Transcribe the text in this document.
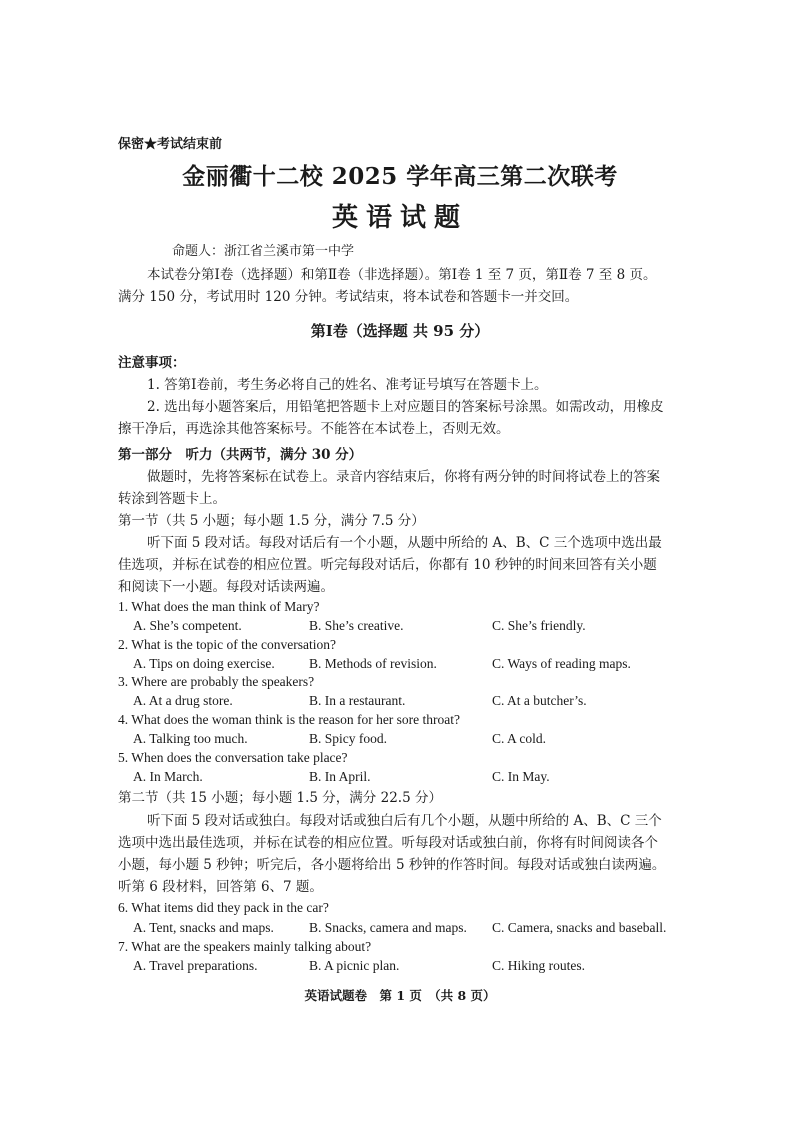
保密★考试结束前
金丽衢十二校 2025 学年高三第二次联考
英语试题
命题人：浙江省兰溪市第一中学
本试卷分第Ⅰ卷（选择题）和第Ⅱ卷（非选择题）。第Ⅰ卷 1 至 7 页，第Ⅱ卷 7 至 8 页。
满分 150 分，考试用时 120 分钟。考试结束，将本试卷和答题卡一并交回。
第Ⅰ卷（选择题 共 95 分）
注意事项：
1. 答第Ⅰ卷前，考生务必将自己的姓名、准考证号填写在答题卡上。
2. 选出每小题答案后，用铅笔把答题卡上对应题目的答案标号涂黑。如需改动，用橡皮
擦干净后，再选涂其他答案标号。不能答在本试卷上，否则无效。
第一部分　听力（共两节，满分 30 分）
做题时，先将答案标在试卷上。录音内容结束后，你将有两分钟的时间将试卷上的答案
转涂到答题卡上。
第一节（共 5 小题；每小题 1.5 分，满分 7.5 分）
听下面 5 段对话。每段对话后有一个小题，从题中所给的 A、B、C 三个选项中选出最
佳选项，并标在试卷的相应位置。听完每段对话后，你都有 10 秒钟的时间来回答有关小题
和阅读下一小题。每段对话读两遍。
1. What does the man think of Mary?
A. She’s competent.	B. She’s creative.	C. She’s friendly.
2. What is the topic of the conversation?
A. Tips on doing exercise.	B. Methods of revision.	C. Ways of reading maps.
3. Where are probably the speakers?
A. At a drug store.	B. In a restaurant.	C. At a butcher’s.
4. What does the woman think is the reason for her sore throat?
A. Talking too much.	B. Spicy food.	C. A cold.
5. When does the conversation take place?
A. In March.	B. In April.	C. In May.
第二节（共 15 小题；每小题 1.5 分，满分 22.5 分）
听下面 5 段对话或独白。每段对话或独白后有几个小题，从题中所给的 A、B、C 三个
选项中选出最佳选项，并标在试卷的相应位置。听每段对话或独白前，你将有时间阅读各个
小题，每小题 5 秒钟；听完后，各小题将给出 5 秒钟的作答时间。每段对话或独白读两遍。
听第 6 段材料，回答第 6、7 题。
6. What items did they pack in the car?
A. Tent, snacks and maps.	B. Snacks, camera and maps. C. Camera, snacks and baseball.
7. What are the speakers mainly talking about?
A. Travel preparations.	B. A picnic plan.	C. Hiking routes.
英语试题卷　第 1 页　（共 8 页）
